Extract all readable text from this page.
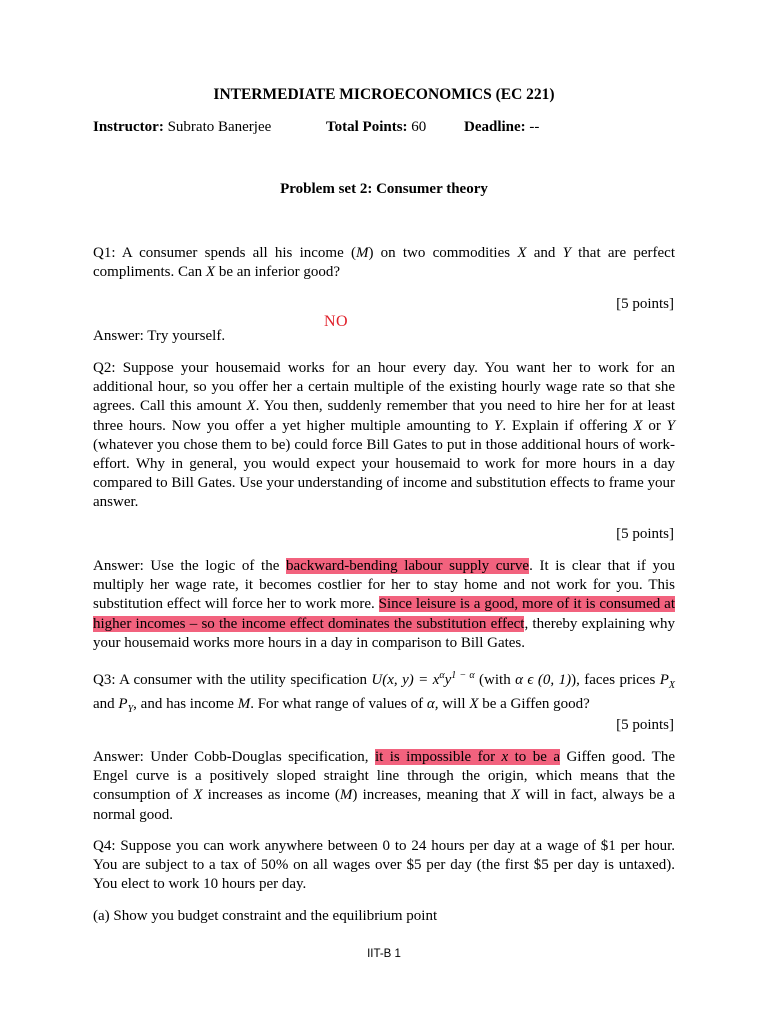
INTERMEDIATE MICROECONOMICS (EC 221)
Instructor: Subrato Banerjee	Total Points: 60	Deadline: --
Problem set 2: Consumer theory

Q1: A consumer spends all his income (M) on two commodities X and Y that are perfect compliments. Can X be an inferior good?

[5 points]
NO
Answer: Try yourself.

Q2: Suppose your housemaid works for an hour every day. You want her to work for an additional hour, so you offer her a certain multiple of the existing hourly wage rate so that she agrees. Call this amount X. You then, suddenly remember that you need to hire her for at least three hours. Now you offer a yet higher multiple amounting to Y. Explain if offering X or Y (whatever you chose them to be) could force Bill Gates to put in those additional hours of work-effort. Why in general, you would expect your housemaid to work for more hours in a day compared to Bill Gates. Use your understanding of income and substitution effects to frame your answer.

[5 points]

Answer: Use the logic of the backward-bending labour supply curve. It is clear that if you multiply her wage rate, it becomes costlier for her to stay home and not work for you. This substitution effect will force her to work more. Since leisure is a good, more of it is consumed at higher incomes – so the income effect dominates the substitution effect, thereby explaining why your housemaid works more hours in a day in comparison to Bill Gates.

Q3: A consumer with the utility specification U(x, $y) = x^\alpha y^{1 - \alpha}$ (with α ϵ (0, 1)), faces prices $P_X$ and $P_Y$, and has income M. For what range of values of α, will X be a Giffen good?

[5 points]

Answer: Under Cobb-Douglas specification, it is impossible for x to be a Giffen good. The Engel curve is a positively sloped straight line through the origin, which means that the consumption of X increases as income (M) increases, meaning that X will in fact, always be a normal good.

Q4: Suppose you can work anywhere between 0 to 24 hours per day at a wage of $1 per hour. You are subject to a tax of 50% on all wages over $5 per day (the first $5 per day is untaxed). You elect to work 10 hours per day.

(a) Show you budget constraint and the equilibrium point
IIT-B 1
